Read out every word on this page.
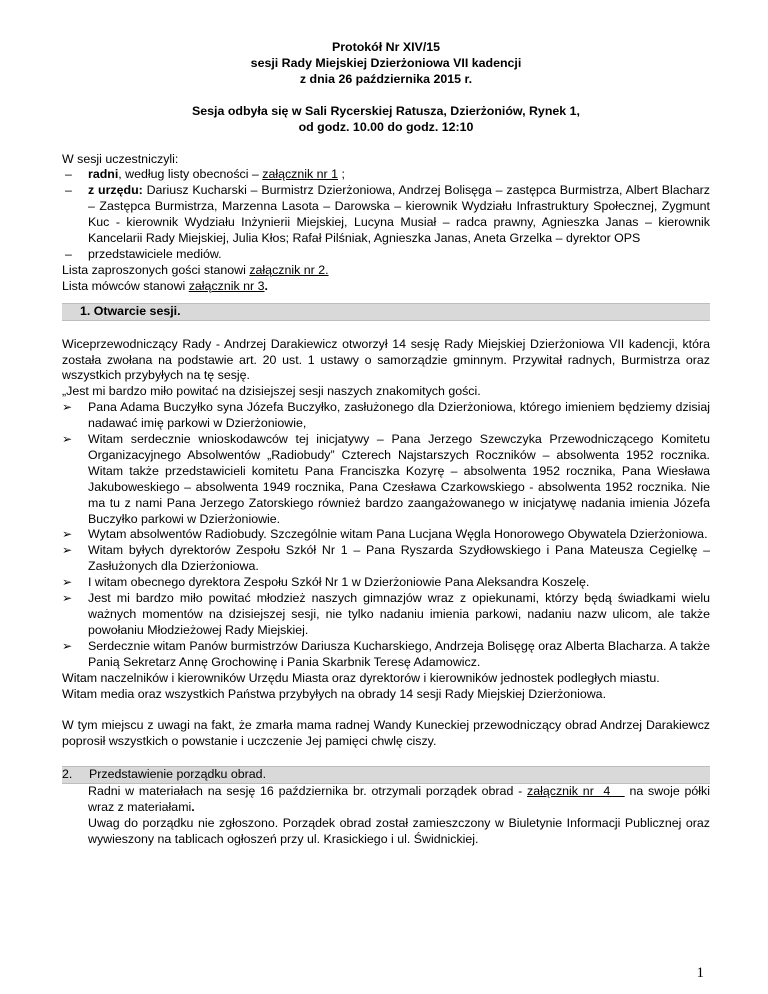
Protokół Nr XIV/15
sesji Rady Miejskiej Dzierżoniowa VII kadencji
z dnia 26 października 2015 r.
Sesja odbyła się w Sali Rycerskiej Ratusza, Dzierżoniów, Rynek 1,
od godz. 10.00 do godz. 12:10
W sesji uczestniczyli:
– radni, według listy obecności – załącznik nr 1 ;
– z urzędu: Dariusz Kucharski – Burmistrz Dzierżoniowa, Andrzej Bolisęga – zastępca Burmistrza, Albert Blacharz – Zastępca Burmistrza, Marzenna Lasota – Darowska – kierownik Wydziału Infrastruktury Społecznej, Zygmunt Kuc - kierownik Wydziału Inżynierii Miejskiej, Lucyna Musiał – radca prawny, Agnieszka Janas – kierownik Kancelarii Rady Miejskiej, Julia Kłos; Rafał Pilśniak, Agnieszka Janas, Aneta Grzelka – dyrektor OPS
– przedstawiciele mediów.
Lista zaproszonych gości stanowi załącznik nr 2.
Lista mówców stanowi załącznik nr 3.
1. Otwarcie sesji.
Wiceprzewodniczący Rady - Andrzej Darakiewicz otworzył 14 sesję Rady Miejskiej Dzierżoniowa VII kadencji, która została zwołana na podstawie art. 20 ust. 1 ustawy o samorządzie gminnym. Przywitał radnych, Burmistrza oraz wszystkich przybyłych na tę sesję.
„Jest mi bardzo miło powitać na dzisiejszej sesji naszych znakomitych gości.
➢ Pana Adama Buczyłko syna Józefa Buczyłko, zasłużonego dla Dzierżoniowa, którego imieniem będziemy dzisiaj nadawać imię parkowi w Dzierżoniowie,
➢ Witam serdecznie wnioskodawców tej inicjatywy – Pana Jerzego Szewczyka Przewodniczącego Komitetu Organizacyjnego Absolwentów „Radiobudy” Czterech Najstarszych Roczników – absolwenta 1952 rocznika. Witam także przedstawicieli komitetu Pana Franciszka Kozyrę – absolwenta 1952 rocznika, Pana Wiesława Jakuboweskiego – absolwenta 1949 rocznika, Pana Czesława Czarkowskiego - absolwenta 1952 rocznika. Nie ma tu z nami Pana Jerzego Zatorskiego również bardzo zaangażowanego w inicjatywę nadania imienia Józefa Buczyłko parkowi w Dzierżoniowie.
➢ Wytam absolwentów Radiobudy. Szczególnie witam Pana Lucjana Węgla Honorowego Obywatela Dzierżoniowa.
➢ Witam byłych dyrektorów Zespołu Szkół Nr 1 – Pana Ryszarda Szydłowskiego i Pana Mateusza Cegielkę – Zasłużonych dla Dzierżoniowa.
➢ I witam obecnego dyrektora Zespołu Szkół Nr 1 w Dzierżoniowie Pana Aleksandra Koszelę.
➢ Jest mi bardzo miło powitać młodzież naszych gimnazjów wraz z opiekunami, którzy będą świadkami wielu ważnych momentów na dzisiejszej sesji, nie tylko nadaniu imienia parkowi, nadaniu nazw ulicom, ale także powołaniu Młodzieżowej Rady Miejskiej.
➢ Serdecznie witam Panów burmistrzów Dariusza Kucharskiego, Andrzeja Bolisęgę oraz Alberta Blacharza. A także Panią Sekretarz Annę Grochowinę i Pania Skarbnik Teresę Adamowicz.
Witam naczelników i kierowników Urzędu Miasta oraz dyrektorów i kierowników jednostek podległych miastu.
Witam media oraz wszystkich Państwa przybyłych na obrady 14 sesji Rady Miejskiej Dzierżoniowa.
W tym miejscu z uwagi na fakt, że zmarła mama radnej Wandy Kuneckiej przewodniczący obrad Andrzej Darakiewcz poprosił wszystkich o powstanie i uczczenie Jej pamięci chwlę ciszy.
2. Przedstawienie porządku obrad.
Radni w materiałach na sesję 16 października br. otrzymali porządek obrad - załącznik nr  4    na swoje półki wraz z materiałami.
Uwag do porządku nie zgłoszono. Porządek obrad został zamieszczony w Biuletynie Informacji Publicznej oraz wywieszony na tablicach ogłoszeń przy ul. Krasickiego i ul. Świdnickiej.
1
